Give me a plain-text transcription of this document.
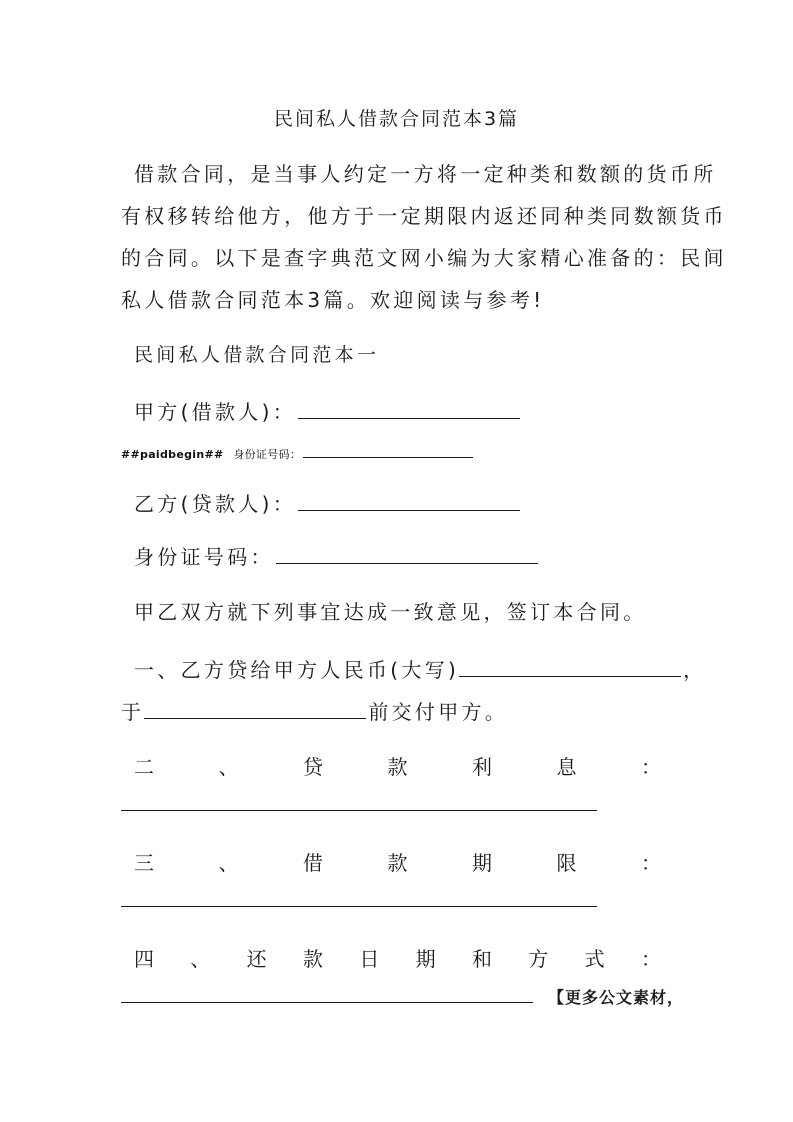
民间私人借款合同范本3篇
借款合同，是当事人约定一方将一定种类和数额的货币所
有权移转给他方，他方于一定期限内返还同种类同数额货币
的合同。以下是查字典范文网小编为大家精心准备的：民间
私人借款合同范本3篇。欢迎阅读与参考!
民间私人借款合同范本一
甲方(借款人)：
##paidbegin## 身份证号码：
乙方(贷款人)：
身份证号码：
甲乙双方就下列事宜达成一致意见，签订本合同。
一、乙方贷给甲方人民币(大写)	，
于	前交付甲方。
二	、	贷	款	利	息	：
三	、	借	款	期	限	：
四 、 还 款 日 期 和 方 式 ：
【更多公文素材，
